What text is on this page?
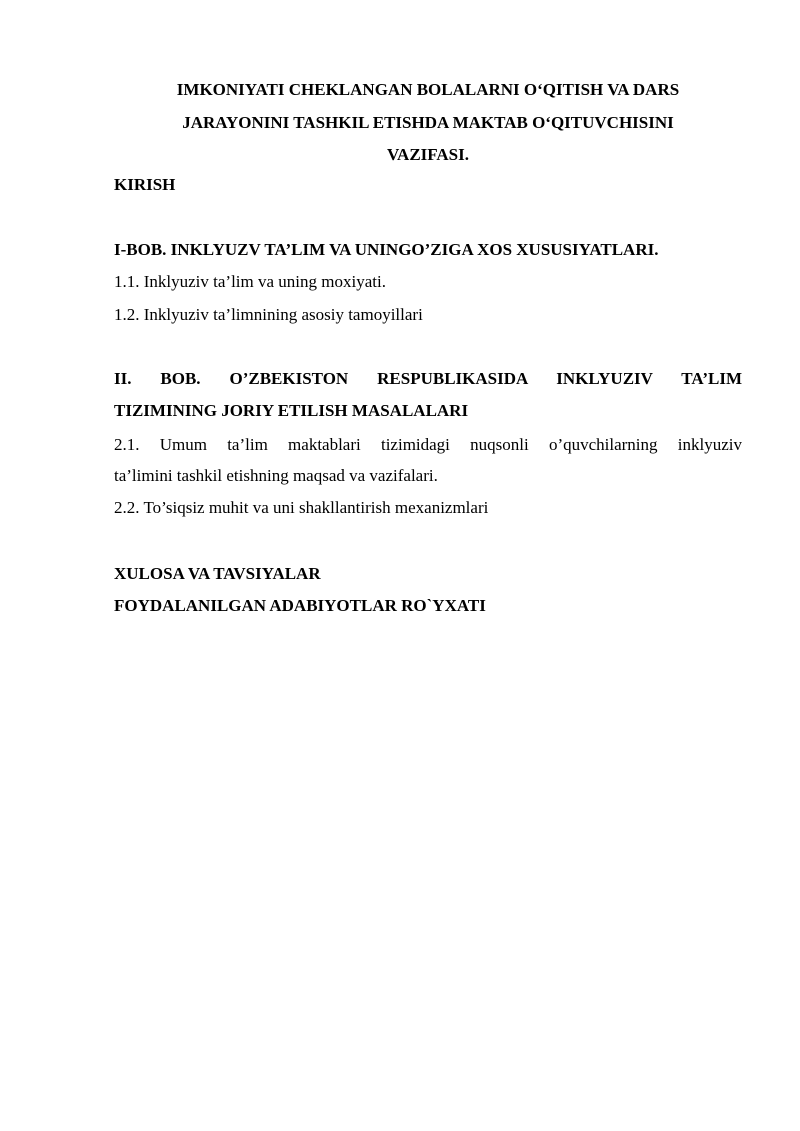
IMKONIYATI CHEKLANGAN BOLALARNI O‘QITISH VA DARS
JARAYONINI TASHKIL ETISHDA MAKTAB O‘QITUVCHISINI
VAZIFASI.
KIRISH
I-BOB. INKLYUZV TA’LIM VA UNINGO’ZIGA XOS XUSUSIYATLARI.
1.1. Inklyuziv ta’lim va uning moxiyati.
1.2. Inklyuziv ta’limnining asosiy tamoyillari
II. BOB. O’ZBEKISTON RESPUBLIKASIDA INKLYUZIV TA’LIM
TIZIMINING JORIY ETILISH MASALALARI
2.1. Umum ta’lim maktablari tizimidagi nuqsonli o’quvchilarning inklyuziv
ta’limini tashkil etishning maqsad va vazifalari.
2.2. To’siqsiz muhit va uni shakllantirish mexanizmlari
XULOSA VA TAVSIYALAR
FOYDALANILGAN ADABIYOTLAR RO`YXATI
